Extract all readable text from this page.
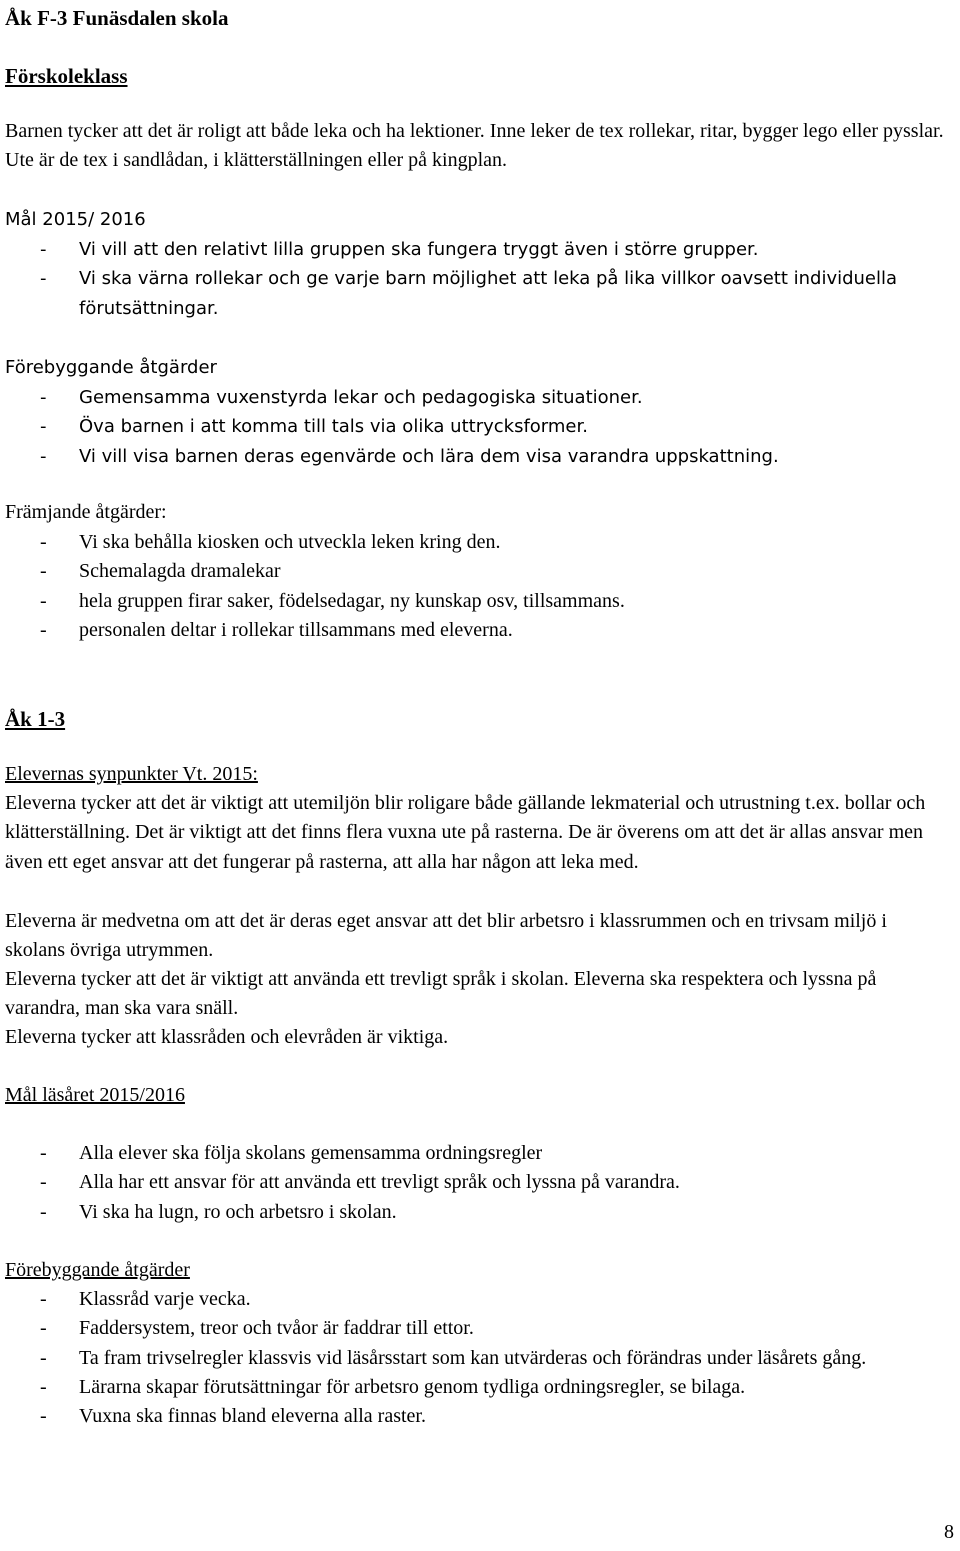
Åk F-3 Funäsdalen skola
Förskoleklass
Barnen tycker att det är roligt att både leka och ha lektioner. Inne leker de tex rollekar, ritar, bygger lego eller pysslar. Ute är de tex i sandlådan, i klätterställningen eller på kingplan.
Mål 2015/ 2016
- Vi vill att den relativt lilla gruppen ska fungera tryggt även i större grupper.
- Vi ska värna rollekar och ge varje barn möjlighet att leka på lika villkor oavsett individuella förutsättningar.
Förebyggande åtgärder
- Gemensamma vuxenstyrda lekar och pedagogiska situationer.
- Öva barnen i att komma till tals via olika uttrycksformer.
- Vi vill visa barnen deras egenvärde och lära dem visa varandra uppskattning.
Främjande åtgärder:
- Vi ska behålla kiosken och utveckla leken kring den.
- Schemalagda dramalekar
- hela gruppen firar saker, födelsedagar, ny kunskap osv, tillsammans.
- personalen deltar i rollekar tillsammans med eleverna.
Åk 1-3
Elevernas synpunkter Vt. 2015:
Eleverna tycker att det är viktigt att utemiljön blir roligare både gällande lekmaterial och utrustning t.ex. bollar och klätterställning. Det är viktigt att det finns flera vuxna ute på rasterna. De är överens om att det är allas ansvar men även ett eget ansvar att det fungerar på rasterna, att alla har någon att leka med.
Eleverna är medvetna om att det är deras eget ansvar att det blir arbetsro i klassrummen och en trivsam miljö i skolans övriga utrymmen.
Eleverna tycker att det är viktigt att använda ett trevligt språk i skolan. Eleverna ska respektera och lyssna på varandra, man ska vara snäll.
Eleverna tycker att klassråden och elevråden är viktiga.
Mål läsåret 2015/2016
- Alla elever ska följa skolans gemensamma ordningsregler
- Alla har ett ansvar för att använda ett trevligt språk och lyssna på varandra.
- Vi ska ha lugn, ro och arbetsro i skolan.
Förebyggande åtgärder
- Klassråd varje vecka.
- Faddersystem, treor och tvåor är faddrar till ettor.
- Ta fram trivselregler klassvis vid läsårsstart som kan utvärderas och förändras under läsårets gång.
- Lärarna skapar förutsättningar för arbetsro genom tydliga ordningsregler, se bilaga.
- Vuxna ska finnas bland eleverna alla raster.
8
